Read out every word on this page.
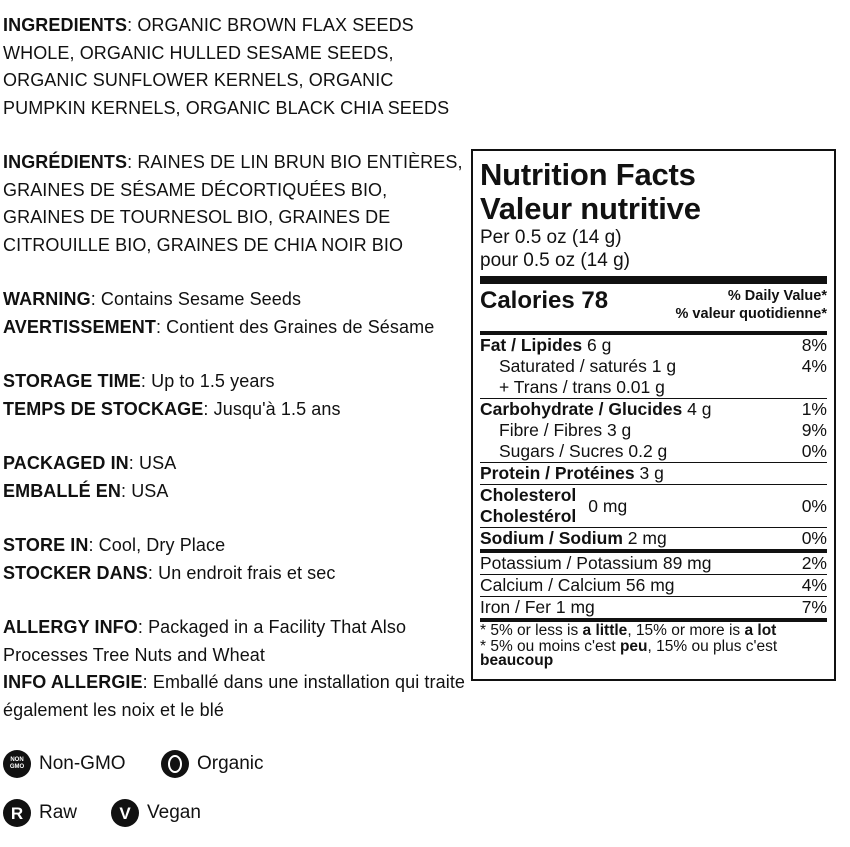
INGREDIENTS: ORGANIC BROWN FLAX SEEDS WHOLE, ORGANIC HULLED SESAME SEEDS, ORGANIC SUNFLOWER KERNELS, ORGANIC PUMPKIN KERNELS, ORGANIC BLACK CHIA SEEDS
INGRÉDIENTS: RAINES DE LIN BRUN BIO ENTIÈRES, GRAINES DE SÉSAME DÉCORTIQUÉES BIO, GRAINES DE TOURNESOL BIO, GRAINES DE CITROUILLE BIO, GRAINES DE CHIA NOIR BIO
WARNING: Contains Sesame Seeds
AVERTISSEMENT: Contient des Graines de Sésame
STORAGE TIME: Up to 1.5 years
TEMPS DE STOCKAGE: Jusqu'à 1.5 ans
PACKAGED IN: USA
EMBALLÉ EN: USA
STORE IN: Cool, Dry Place
STOCKER DANS: Un endroit frais et sec
ALLERGY INFO: Packaged in a Facility That Also Processes Tree Nuts and Wheat
INFO ALLERGIE: Emballé dans une installation qui traite également les noix et le blé
NON
GMO Non-GMO	Organic
R Raw	V Vegan
Nutrition Facts
Valeur nutritive
Per 0.5 oz (14 g)
pour 0.5 oz (14 g)
Calories 78	% Daily Value*
% valeur quotidienne*
Fat / Lipides 6 g	8%
Saturated / saturés 1 g	4%
+ Trans / trans 0.01 g
Carbohydrate / Glucides 4 g	1%
Fibre / Fibres 3 g	9%
Sugars / Sucres 0.2 g	0%
Protein / Protéines 3 g
Cholesterol
Cholestérol
0 mg	0%
Sodium / Sodium 2 mg	0%
Potassium / Potassium 89 mg	2%
Calcium / Calcium 56 mg	4%
Iron / Fer 1 mg	7%
* 5% or less is a little, 15% or more is a lot
* 5% ou moins c'est peu, 15% ou plus c'est beaucoup
